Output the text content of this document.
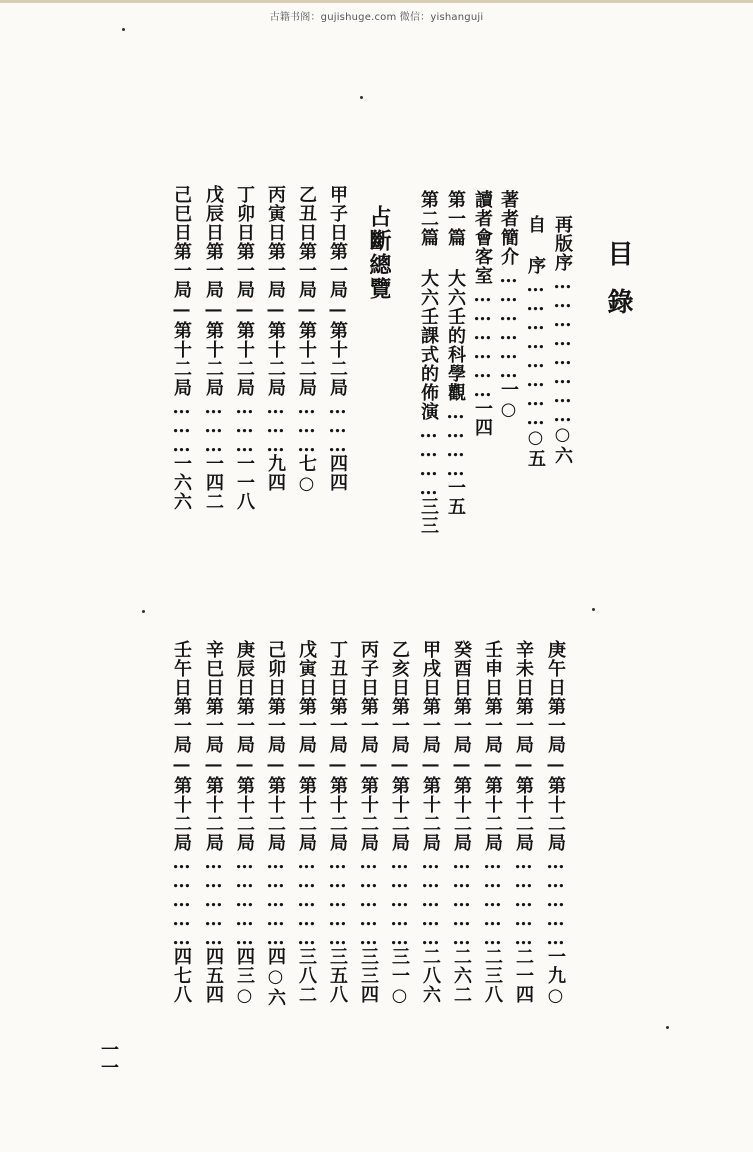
古籍书阁：gujishuge.com 微信：yishanguji
目錄
再版序……………………○六
自 序……………………○五
著者簡介………………一○
讀者會客室………………一四
第一篇 大六壬的科學觀…………一五
第二篇 大六壬課式的佈演…………三三
占斷總覽
甲子日第一局—第十二局………四四
乙丑日第一局—第十二局………七○
丙寅日第一局—第十二局………九四
丁卯日第一局—第十二局………一一八
戊辰日第一局—第十二局………一四二
己巳日第一局—第十二局………一六六
庚午日第一局—第十二局……………一九○
辛未日第一局—第十二局……………二一四
壬申日第一局—第十二局……………二三八
癸酉日第一局—第十二局……………二六二
甲戌日第一局—第十二局……………二八六
乙亥日第一局—第十二局……………三一○
丙子日第一局—第十二局……………三三四
丁丑日第一局—第十二局……………三五八
戊寅日第一局—第十二局……………三八二
己卯日第一局—第十二局……………四○六
庚辰日第一局—第十二局……………四三○
辛巳日第一局—第十二局……………四五四
壬午日第一局—第十二局……………四七八
一一
